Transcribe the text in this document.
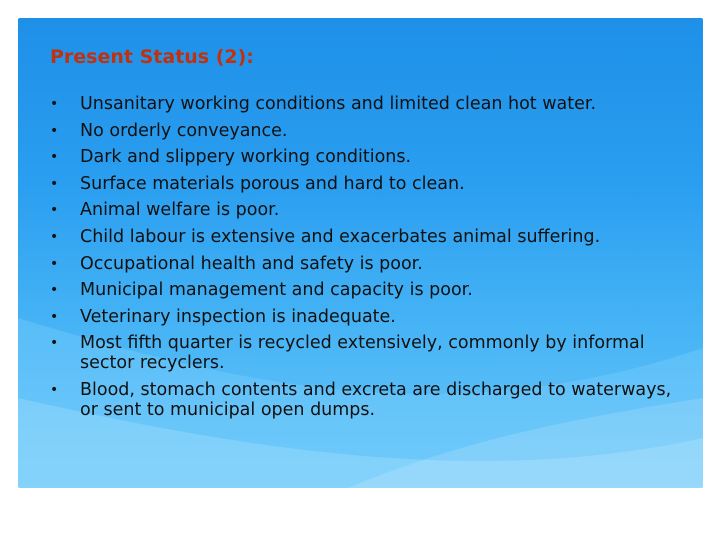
Present Status (2):
• Unsanitary working conditions and limited clean hot water.
• No orderly conveyance.
• Dark and slippery working conditions.
• Surface materials porous and hard to clean.
• Animal welfare is poor.
• Child labour is extensive and exacerbates animal suffering.
• Occupational health and safety is poor.
• Municipal management and capacity is poor.
• Veterinary inspection is inadequate.
• Most fifth quarter is recycled extensively, commonly by informal sector recyclers.
• Blood, stomach contents and excreta are discharged to waterways, or sent to municipal open dumps.
